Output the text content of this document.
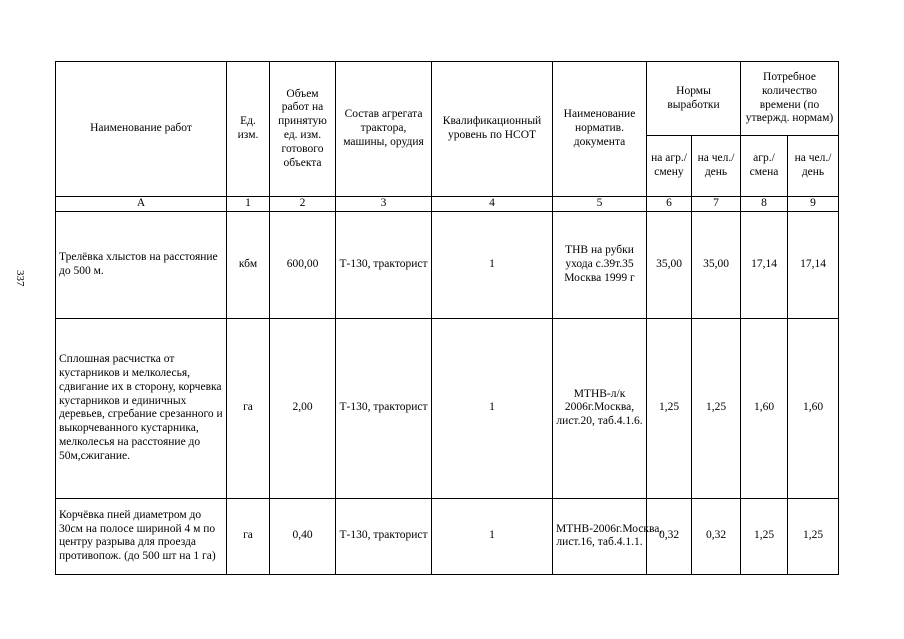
337
Наименование работ	Ед. изм.	Объем работ на принятую ед. изм. готового объекта	Состав агрегата трактора, машины, орудия	Квалификационный уровень по НСОТ	Наименование норматив. документа	Нормы выработки		Потребное количество времени (по утвержд. нормам)	
						на агр./ смену	на чел./ день	агр./ смена	на чел./ день
А	1	2	3	4	5	6	7	8	9
Трелёвка хлыстов на расстояние до 500 м.	кбм	600,00	Т-130, тракторист	1	ТНВ на рубки ухода с.39т.35 Москва 1999 г	35,00	35,00	17,14	17,14
Сплошная расчистка от кустарников и мелколесья, сдвигание их в сторону, корчевка кустарников и единичных деревьев, сгребание срезанного и выкорчеванного кустарника, мелколесья на расстояние до 50м,сжигание.	га	2,00	Т-130, тракторист	1	МТНВ-л/к 2006г.Москва, лист.20, таб.4.1.6.	1,25	1,25	1,60	1,60
Корчёвка пней диаметром до 30см на полосе шириной 4 м по центру разрыва для проезда противопож. (до 500 шт на 1 га)	га	0,40	Т-130, тракторист	1	МТНВ-2006г.Москва, лист.16, таб.4.1.1.	0,32	0,32	1,25	1,25
